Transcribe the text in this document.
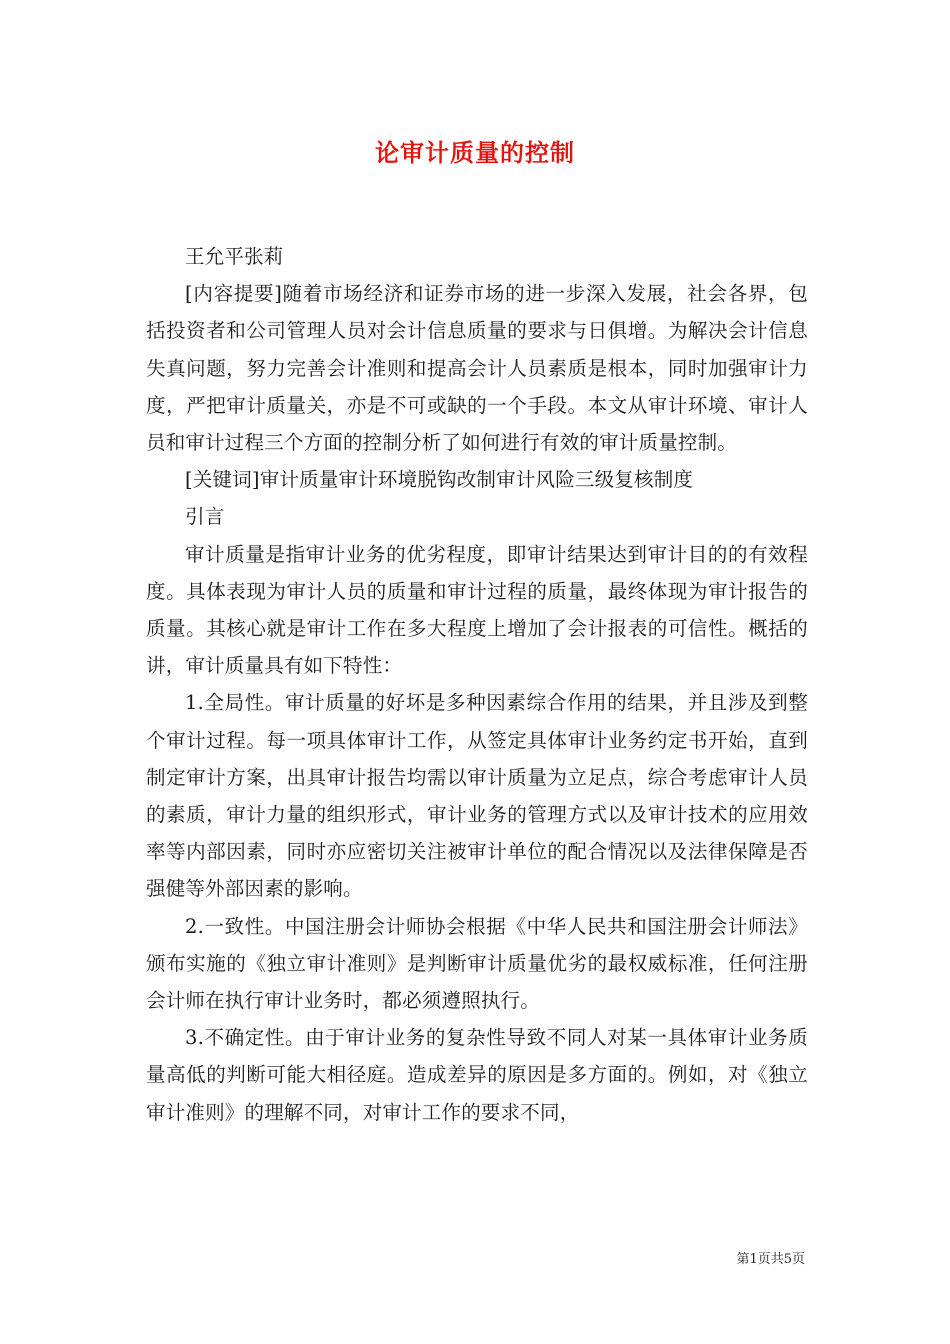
论审计质量的控制

王允平张莉

[内容提要]随着市场经济和证券市场的进一步深入发展，社会各界，包括投资者和公司管理人员对会计信息质量的要求与日俱增。为解决会计信息失真问题，努力完善会计准则和提高会计人员素质是根本，同时加强审计力度，严把审计质量关，亦是不可或缺的一个手段。本文从审计环境、审计人员和审计过程三个方面的控制分析了如何进行有效的审计质量控制。

[关键词]审计质量审计环境脱钩改制审计风险三级复核制度

引言

审计质量是指审计业务的优劣程度，即审计结果达到审计目的的有效程度。具体表现为审计人员的质量和审计过程的质量，最终体现为审计报告的质量。其核心就是审计工作在多大程度上增加了会计报表的可信性。概括的讲，审计质量具有如下特性：

1.全局性。审计质量的好坏是多种因素综合作用的结果，并且涉及到整个审计过程。每一项具体审计工作，从签定具体审计业务约定书开始，直到制定审计方案，出具审计报告均需以审计质量为立足点，综合考虑审计人员的素质，审计力量的组织形式，审计业务的管理方式以及审计技术的应用效率等内部因素，同时亦应密切关注被审计单位的配合情况以及法律保障是否强健等外部因素的影响。

2.一致性。中国注册会计师协会根据《中华人民共和国注册会计师法》颁布实施的《独立审计准则》是判断审计质量优劣的最权威标准，任何注册会计师在执行审计业务时，都必须遵照执行。

3.不确定性。由于审计业务的复杂性导致不同人对某一具体审计业务质量高低的判断可能大相径庭。造成差异的原因是多方面的。例如，对《独立审计准则》的理解不同，对审计工作的要求不同，

第1页共5页
